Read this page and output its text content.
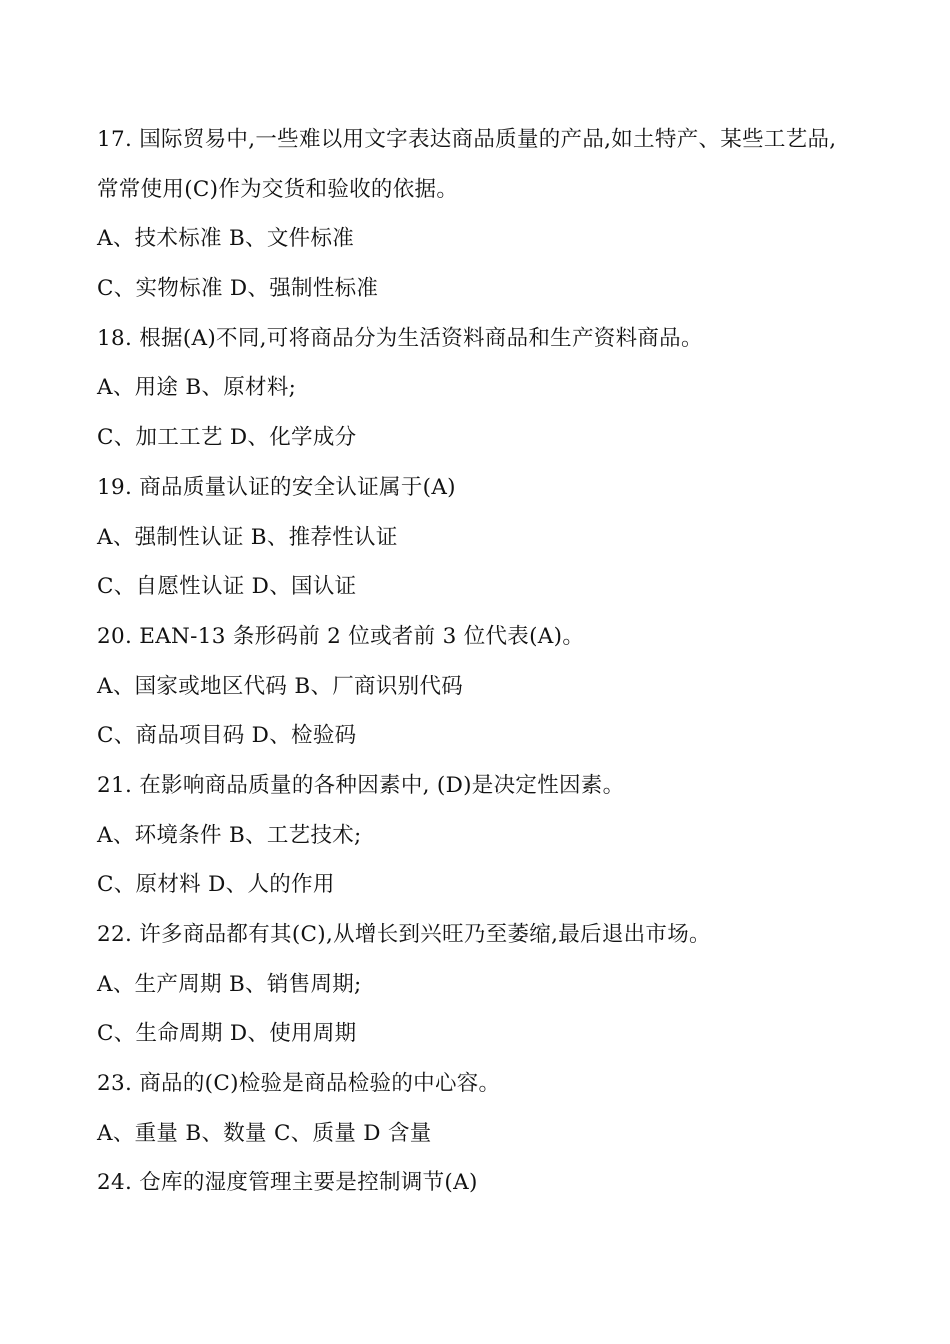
17. 国际贸易中,一些难以用文字表达商品质量的产品,如土特产、某些工艺品,
常常使用(C)作为交货和验收的依据。
A、技术标准 B、文件标准
C、实物标准 D、强制性标准
18. 根据(A)不同,可将商品分为生活资料商品和生产资料商品。
A、用途 B、原材料;
C、加工工艺 D、化学成分
19. 商品质量认证的安全认证属于(A)
A、强制性认证 B、推荐性认证
C、自愿性认证 D、国认证
20. EAN-13 条形码前 2 位或者前 3 位代表(A)。
A、国家或地区代码 B、厂商识别代码
C、商品项目码 D、检验码
21. 在影响商品质量的各种因素中, (D)是决定性因素。
A、环境条件 B、工艺技术;
C、原材料 D、人的作用
22. 许多商品都有其(C),从增长到兴旺乃至萎缩,最后退出市场。
A、生产周期 B、销售周期;
C、生命周期 D、使用周期
23. 商品的(C)检验是商品检验的中心容。
A、重量 B、数量 C、质量 D 含量
24. 仓库的湿度管理主要是控制调节(A)
